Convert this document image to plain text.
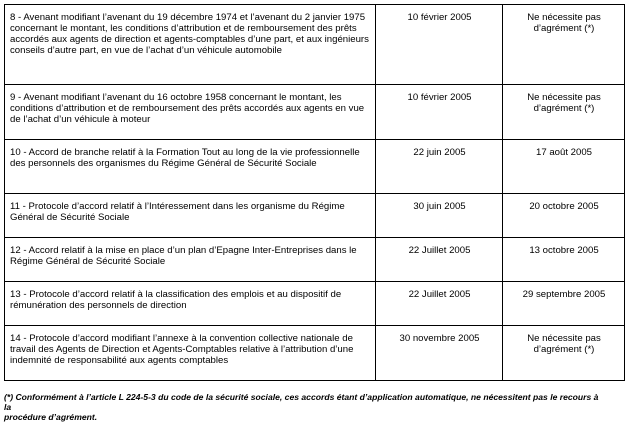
8 - Avenant modifiant l’avenant du 19 décembre 1974 et l’avenant du 2 janvier 1975 concernant le montant, les conditions d’attribution et de remboursement des prêts accordés aux agents de direction et agents-comptables d’une part, et aux ingénieurs conseils d’autre part, en vue de l’achat d’un véhicule automobile	10 février 2005	Ne nécessite pas d’agrément (*)
9 - Avenant modifiant l’avenant du 16 octobre 1958 concernant le montant, les conditions d’attribution et de remboursement des prêts accordés aux agents en vue de l’achat d’un véhicule à moteur	10 février 2005	Ne nécessite pas d’agrément (*)
10 - Accord de branche relatif à la Formation Tout au long de la vie professionnelle des personnels des organismes du Régime Général de Sécurité Sociale	22 juin 2005	17 août 2005
11 - Protocole d’accord relatif à l’Intéressement dans les organisme du Régime Général de Sécurité Sociale	30 juin 2005	20 octobre 2005
12 - Accord relatif à la mise en place d’un plan d’Epagne Inter-Entreprises dans le Régime Général de Sécurité Sociale	22 Juillet 2005	13 octobre 2005
13 - Protocole d’accord relatif à la classification des emplois et au dispositif de rémunération des personnels de direction	22 Juillet 2005	29 septembre 2005
14 - Protocole d’accord modifiant l’annexe à la convention collective nationale de travail des Agents de Direction et Agents-Comptables relative à l’attribution d’une indemnité de responsabilité aux agents comptables	30 novembre 2005	Ne nécessite pas d’agrément (*)
(*) Conformément à l’article L 224-5-3 du code de la sécurité sociale, ces accords étant d’application automatique, ne nécessitent pas le recours à la
procédure d’agrément.
